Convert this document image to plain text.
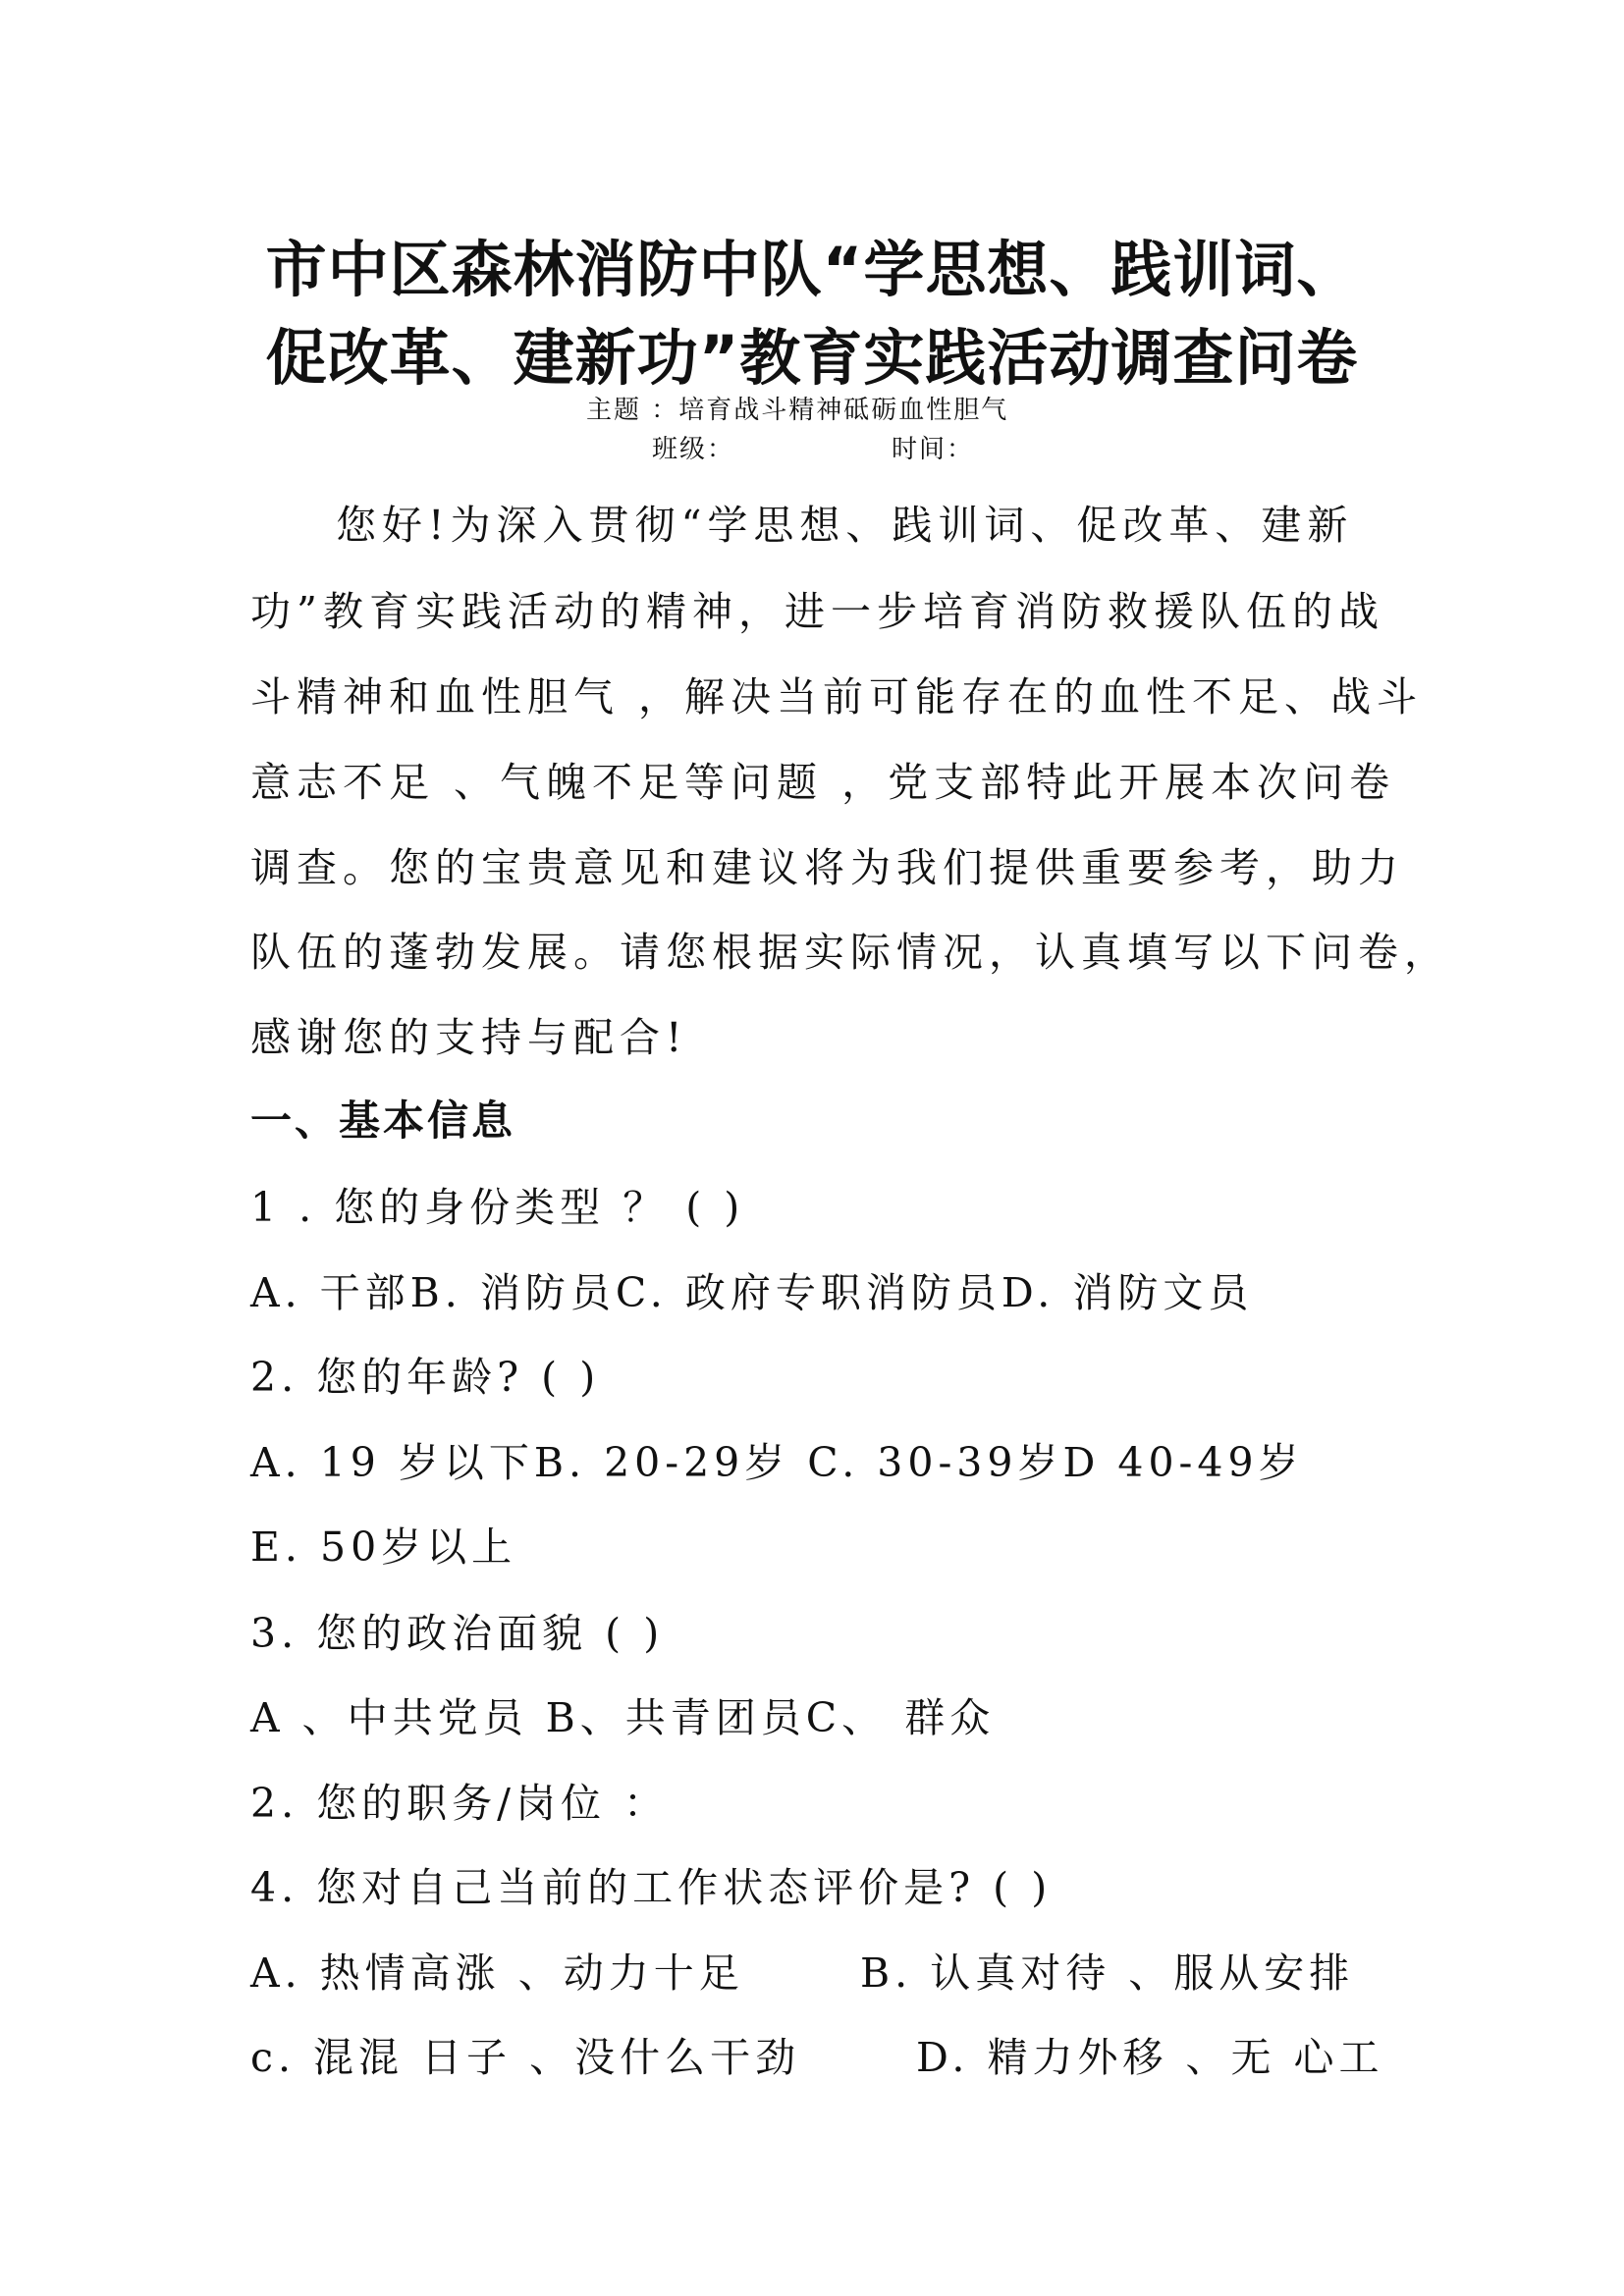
市中区森林消防中队“学思想、践训词、
促改革、建新功”教育实践活动调查问卷
主题 ：培育战斗精神砥砺血性胆气
班级：	时间：
您好!为深入贯彻“学思想、践训词、促改革、建新
功”教育实践活动的精神，进一步培育消防救援队伍的战
斗精神和血性胆气 ，解决当前可能存在的血性不足、战斗
意志不足 、气魄不足等问题 ，党支部特此开展本次问卷
调查。您的宝贵意见和建议将为我们提供重要参考，助力
队伍的蓬勃发展。请您根据实际情况，认真填写以下问卷，
感谢您的支持与配合!
一、基本信息
1 . 您的身份类型 ？ ( )
A. 干部B. 消防员C. 政府专职消防员D. 消防文员
2. 您的年龄? ( )
A. 19 岁以下B. 20-29岁 C. 30-39岁D 40-49岁
E. 50岁以上
3. 您的政治面貌 ( )
A 、中共党员 B、共青团员C、 群众
2. 您的职务/岗位 ：
4. 您对自己当前的工作状态评价是? ( )
A. 热情高涨 、动力十足	B. 认真对待 、服从安排
c. 混混 日子 、没什么干劲	D. 精力外移 、无 心工
